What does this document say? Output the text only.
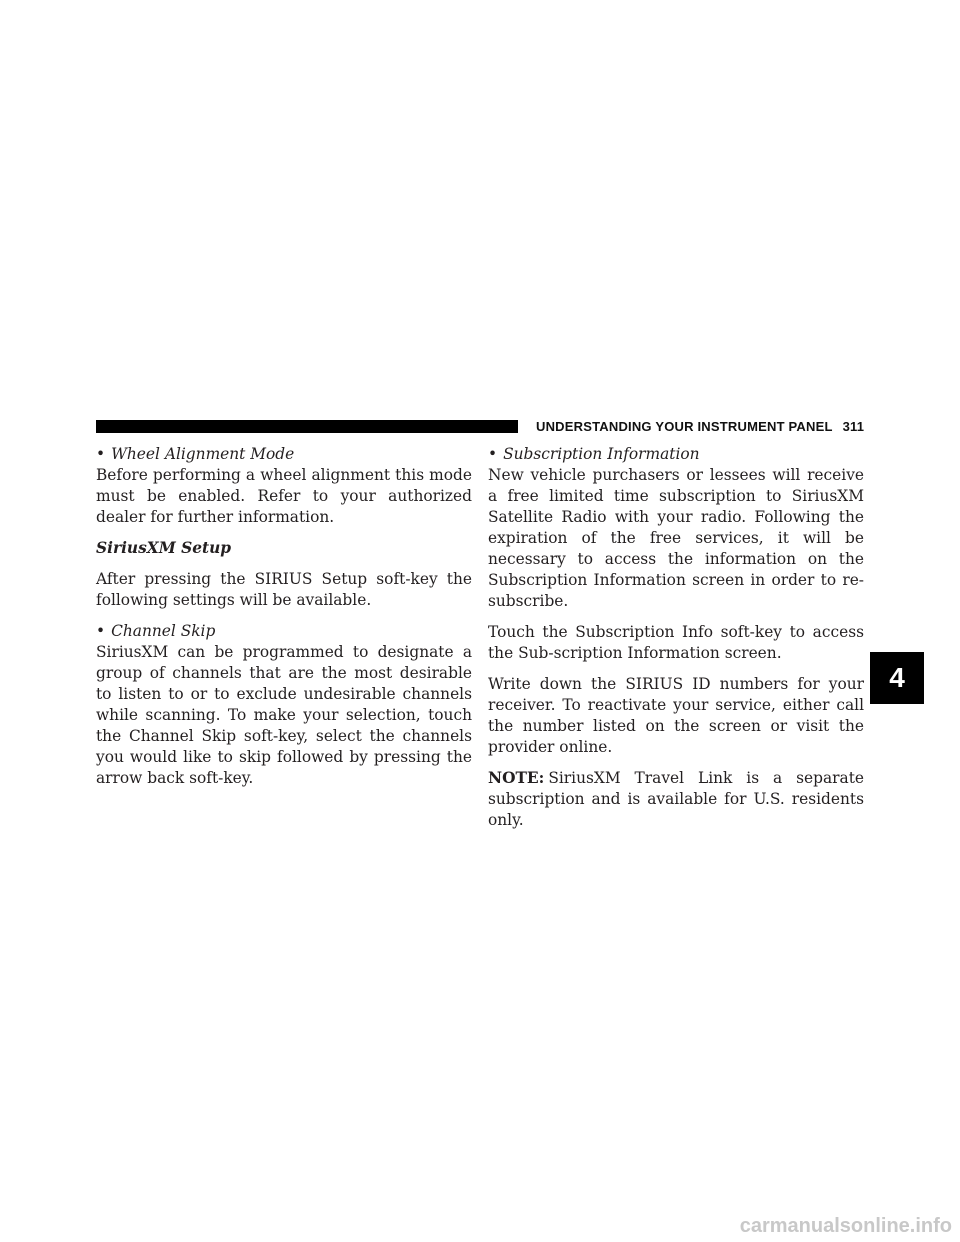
UNDERSTANDING YOUR INSTRUMENT PANEL 311

• Wheel Alignment Mode

Before performing a wheel alignment this mode must be enabled. Refer to your authorized dealer for further information.

SiriusXM Setup

After pressing the SIRIUS Setup soft-key the following settings will be available.

• Channel Skip

SiriusXM can be programmed to designate a group of channels that are the most desirable to listen to or to exclude undesirable channels while scanning. To make your selection, touch the Channel Skip soft-key, select the channels you would like to skip followed by pressing the arrow back soft-key.

• Subscription Information

New vehicle purchasers or lessees will receive a free limited time subscription to SiriusXM Satellite Radio with your radio. Following the expiration of the free services, it will be necessary to access the information on the Subscription Information screen in order to re-subscribe.

Touch the Subscription Info soft-key to access the Sub-scription Information screen.

Write down the SIRIUS ID numbers for your receiver. To reactivate your service, either call the number listed on the screen or visit the provider online.

NOTE: SiriusXM Travel Link is a separate subscription and is available for U.S. residents only.

4
carmanualsonline.info
